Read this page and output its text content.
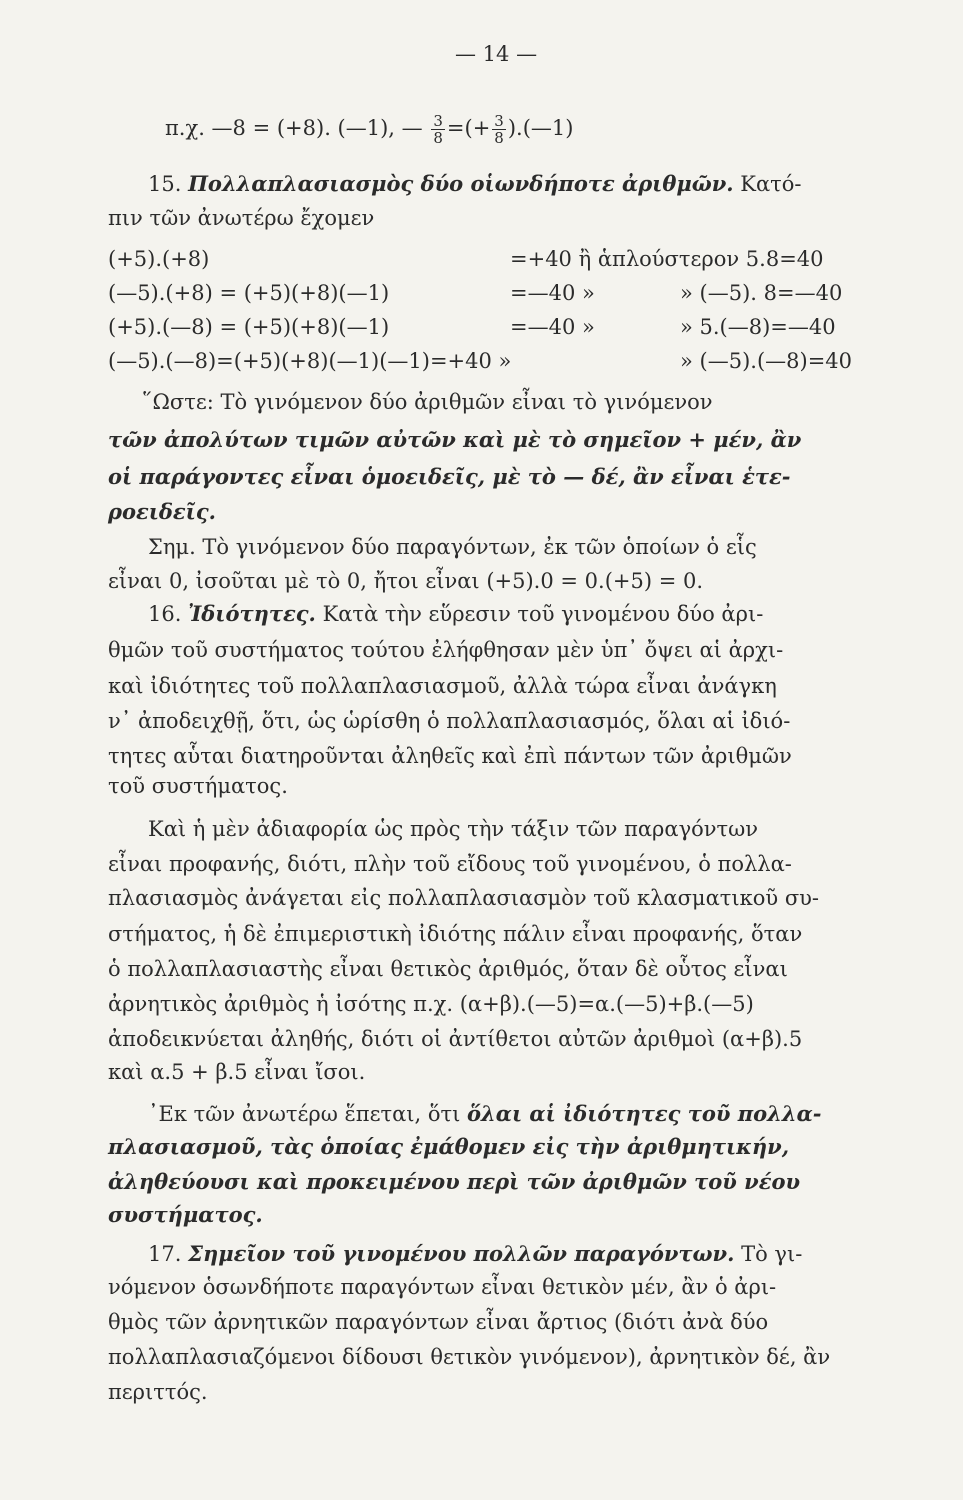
— 14 —
π.χ. —8 = (+8). (—1), — $\frac{3}{8}$ =(+ $\frac{3}{8}$ ).(—1)
15. Πολλαπλασιασμὸς δύο οἱωνδήποτε ἀριθμῶν. Κατό-
πιν τῶν ἀνωτέρω ἔχομεν
(+5).(+8)	=+40 ἢ ἁπλούστερον 5.8=40
(—5).(+8) = (+5)(+8)(—1)	=—40 »	» (—5). 8=—40
(+5).(—8) = (+5)(+8)(—1)	=—40 »	» 5.(—8)=—40
(—5).(—8)=(+5)(+8)(—1)(—1)=+40 »	» (—5).(—8)=40
῞Ωστε: Τὸ γινόμενον δύο ἀριθμῶν εἶναι τὸ γινόμενον
τῶν ἀπολύτων τιμῶν αὐτῶν καὶ μὲ τὸ σημεῖον + μέν, ἂν
οἱ παράγοντες εἶναι ὁμοειδεῖς, μὲ τὸ — δέ, ἂν εἶναι ἑτε-
ροειδεῖς.
Σημ. Τὸ γινόμενον δύο παραγόντων, ἐκ τῶν ὁποίων ὁ εἷς
εἶναι 0, ἰσοῦται μὲ τὸ 0, ἤτοι εἶναι (+5).0 = 0.(+5) = 0.
16. Ἰδιότητες. Κατὰ τὴν εὕρεσιν τοῦ γινομένου δύο ἀρι-
θμῶν τοῦ συστήματος τούτου ἐλήφθησαν μὲν ὑπ᾿ ὄψει αἱ ἀρχι-
καὶ ἰδιότητες τοῦ πολλαπλασιασμοῦ, ἀλλὰ τώρα εἶναι ἀνάγκη
ν᾿ ἀποδειχθῇ, ὅτι, ὡς ὡρίσθη ὁ πολλαπλασιασμός, ὅλαι αἱ ἰδιό-
τητες αὗται διατηροῦνται ἀληθεῖς καὶ ἐπὶ πάντων τῶν ἀριθμῶν
τοῦ συστήματος.
Καὶ ἡ μὲν ἀδιαφορία ὡς πρὸς τὴν τάξιν τῶν παραγόντων
εἶναι προφανής, διότι, πλὴν τοῦ εἴδους τοῦ γινομένου, ὁ πολλα-
πλασιασμὸς ἀνάγεται εἰς πολλαπλασιασμὸν τοῦ κλασματικοῦ συ-
στήματος, ἡ δὲ ἐπιμεριστικὴ ἰδιότης πάλιν εἶναι προφανής, ὅταν
ὁ πολλαπλασιαστὴς εἶναι θετικὸς ἀριθμός, ὅταν δὲ οὗτος εἶναι
ἀρνητικὸς ἀριθμὸς ἡ ἰσότης π.χ. (α+β).(—5)=α.(—5)+β.(—5)
ἀποδεικνύεται ἀληθής, διότι οἱ ἀντίθετοι αὐτῶν ἀριθμοὶ (α+β).5
καὶ α.5 + β.5 εἶναι ἴσοι.
᾿Εκ τῶν ἀνωτέρω ἕπεται, ὅτι ὅλαι αἱ ἰδιότητες τοῦ πολλα-
πλασιασμοῦ, τὰς ὁποίας ἐμάθομεν εἰς τὴν ἀριθμητικήν,
ἀληθεύουσι καὶ προκειμένου περὶ τῶν ἀριθμῶν τοῦ νέου
συστήματος.
17. Σημεῖον τοῦ γινομένου πολλῶν παραγόντων. Τὸ γι-
νόμενον ὁσωνδήποτε παραγόντων εἶναι θετικὸν μέν, ἂν ὁ ἀρι-
θμὸς τῶν ἀρνητικῶν παραγόντων εἶναι ἄρτιος (διότι ἀνὰ δύο
πολλαπλασιαζόμενοι δίδουσι θετικὸν γινόμενον), ἀρνητικὸν δέ, ἂν
περιττός.
